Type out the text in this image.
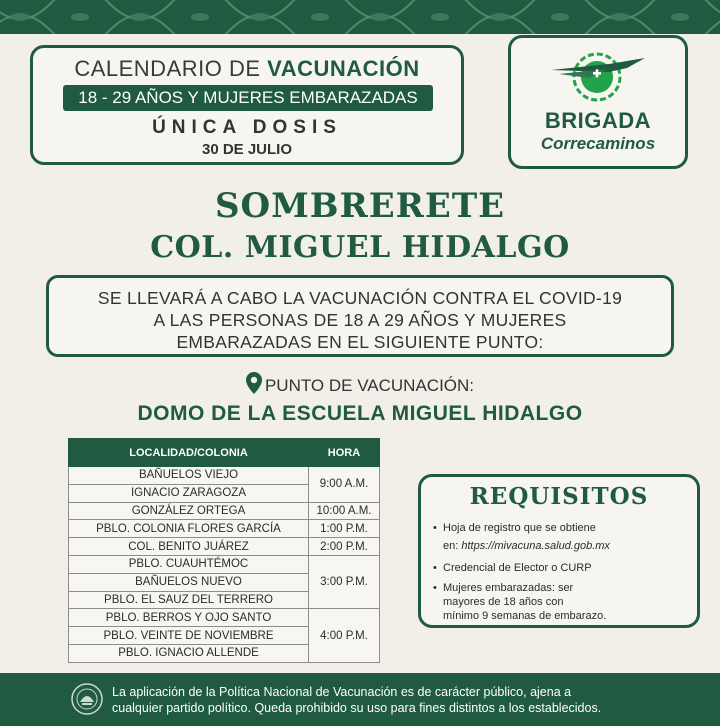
CALENDARIO DE VACUNACIÓN
18 - 29 AÑOS Y MUJERES EMBARAZADAS
ÚNICA DOSIS
30 DE JULIO
BRIGADA
Correcaminos
SOMBRERETE
COL. MIGUEL HIDALGO
SE LLEVARÁ A CABO LA VACUNACIÓN CONTRA EL COVID-19
A LAS PERSONAS DE 18 A 29 AÑOS Y MUJERES
EMBARAZADAS EN EL SIGUIENTE PUNTO:
PUNTO DE VACUNACIÓN:
DOMO DE LA ESCUELA MIGUEL HIDALGO
LOCALIDAD/COLONIA	HORA
BAÑUELOS VIEJO	9:00 A.M.
IGNACIO ZARAGOZA	
GONZÁLEZ ORTEGA	10:00 A.M.
PBLO. COLONIA FLORES GARCÍA	1:00 P.M.
COL. BENITO JUÁREZ	2:00 P.M.
PBLO. CUAUHTÉMOC	3:00 P.M.
BAÑUELOS NUEVO	
PBLO. EL SAUZ DEL TERRERO	
PBLO. BERROS Y OJO SANTO	4:00 P.M.
PBLO. VEINTE DE NOVIEMBRE	
PBLO. IGNACIO ALLENDE	
REQUISITOS
• Hoja de registro que se obtiene
en: https://mivacuna.salud.gob.mx
• Credencial de Elector o CURP
• Mujeres embarazadas: ser
mayores de 18 años con
mínimo 9 semanas de embarazo.
La aplicación de la Política Nacional de Vacunación es de carácter público, ajena a
cualquier partido político. Queda prohibido su uso para fines distintos a los establecidos.
